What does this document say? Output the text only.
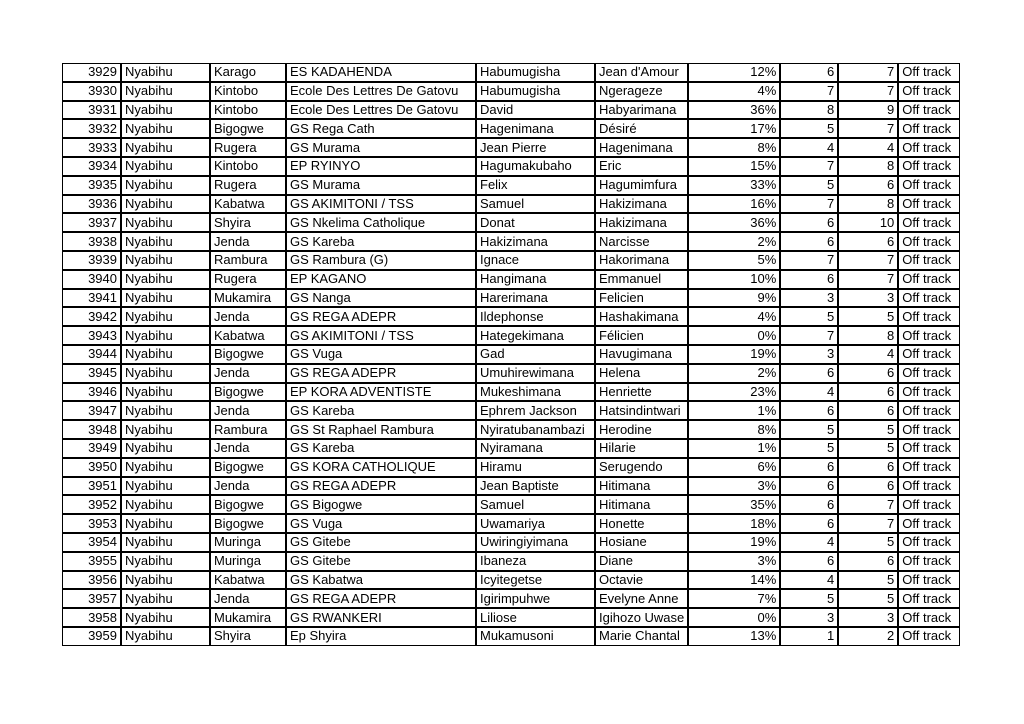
3929	Nyabihu	Karago	ES KADAHENDA	Habumugisha	Jean d'Amour	12%	6	7	Off track
3930	Nyabihu	Kintobo	Ecole Des Lettres De Gatovu	Habumugisha	Ngerageze	4%	7	7	Off track
3931	Nyabihu	Kintobo	Ecole Des Lettres De Gatovu	David	Habyarimana	36%	8	9	Off track
3932	Nyabihu	Bigogwe	GS Rega Cath	Hagenimana	Désiré	17%	5	7	Off track
3933	Nyabihu	Rugera	GS Murama	Jean Pierre	Hagenimana	8%	4	4	Off track
3934	Nyabihu	Kintobo	EP RYINYO	Hagumakubaho	Eric	15%	7	8	Off track
3935	Nyabihu	Rugera	GS Murama	Felix	Hagumimfura	33%	5	6	Off track
3936	Nyabihu	Kabatwa	GS AKIMITONI / TSS	Samuel	Hakizimana	16%	7	8	Off track
3937	Nyabihu	Shyira	GS Nkelima Catholique	Donat	Hakizimana	36%	6	10	Off track
3938	Nyabihu	Jenda	GS Kareba	Hakizimana	Narcisse	2%	6	6	Off track
3939	Nyabihu	Rambura	GS Rambura (G)	Ignace	Hakorimana	5%	7	7	Off track
3940	Nyabihu	Rugera	EP KAGANO	Hangimana	Emmanuel	10%	6	7	Off track
3941	Nyabihu	Mukamira	GS Nanga	Harerimana	Felicien	9%	3	3	Off track
3942	Nyabihu	Jenda	GS REGA ADEPR	Ildephonse	Hashakimana	4%	5	5	Off track
3943	Nyabihu	Kabatwa	GS AKIMITONI / TSS	Hategekimana	Félicien	0%	7	8	Off track
3944	Nyabihu	Bigogwe	GS Vuga	Gad	Havugimana	19%	3	4	Off track
3945	Nyabihu	Jenda	GS REGA ADEPR	Umuhirewimana	Helena	2%	6	6	Off track
3946	Nyabihu	Bigogwe	EP KORA ADVENTISTE	Mukeshimana	Henriette	23%	4	6	Off track
3947	Nyabihu	Jenda	GS Kareba	Ephrem Jackson	Hatsindintwari	1%	6	6	Off track
3948	Nyabihu	Rambura	GS St Raphael Rambura	Nyiratubanambazi	Herodine	8%	5	5	Off track
3949	Nyabihu	Jenda	GS Kareba	Nyiramana	Hilarie	1%	5	5	Off track
3950	Nyabihu	Bigogwe	GS KORA CATHOLIQUE	Hiramu	Serugendo	6%	6	6	Off track
3951	Nyabihu	Jenda	GS REGA ADEPR	Jean Baptiste	Hitimana	3%	6	6	Off track
3952	Nyabihu	Bigogwe	GS Bigogwe	Samuel	Hitimana	35%	6	7	Off track
3953	Nyabihu	Bigogwe	GS Vuga	Uwamariya	Honette	18%	6	7	Off track
3954	Nyabihu	Muringa	GS Gitebe	Uwiringiyimana	Hosiane	19%	4	5	Off track
3955	Nyabihu	Muringa	GS Gitebe	Ibaneza	Diane	3%	6	6	Off track
3956	Nyabihu	Kabatwa	GS Kabatwa	Icyitegetse	Octavie	14%	4	5	Off track
3957	Nyabihu	Jenda	GS REGA ADEPR	Igirimpuhwe	Evelyne Anne	7%	5	5	Off track
3958	Nyabihu	Mukamira	GS RWANKERI	Liliose	Igihozo Uwase	0%	3	3	Off track
3959	Nyabihu	Shyira	Ep Shyira	Mukamusoni	Marie Chantal	13%	1	2	Off track
